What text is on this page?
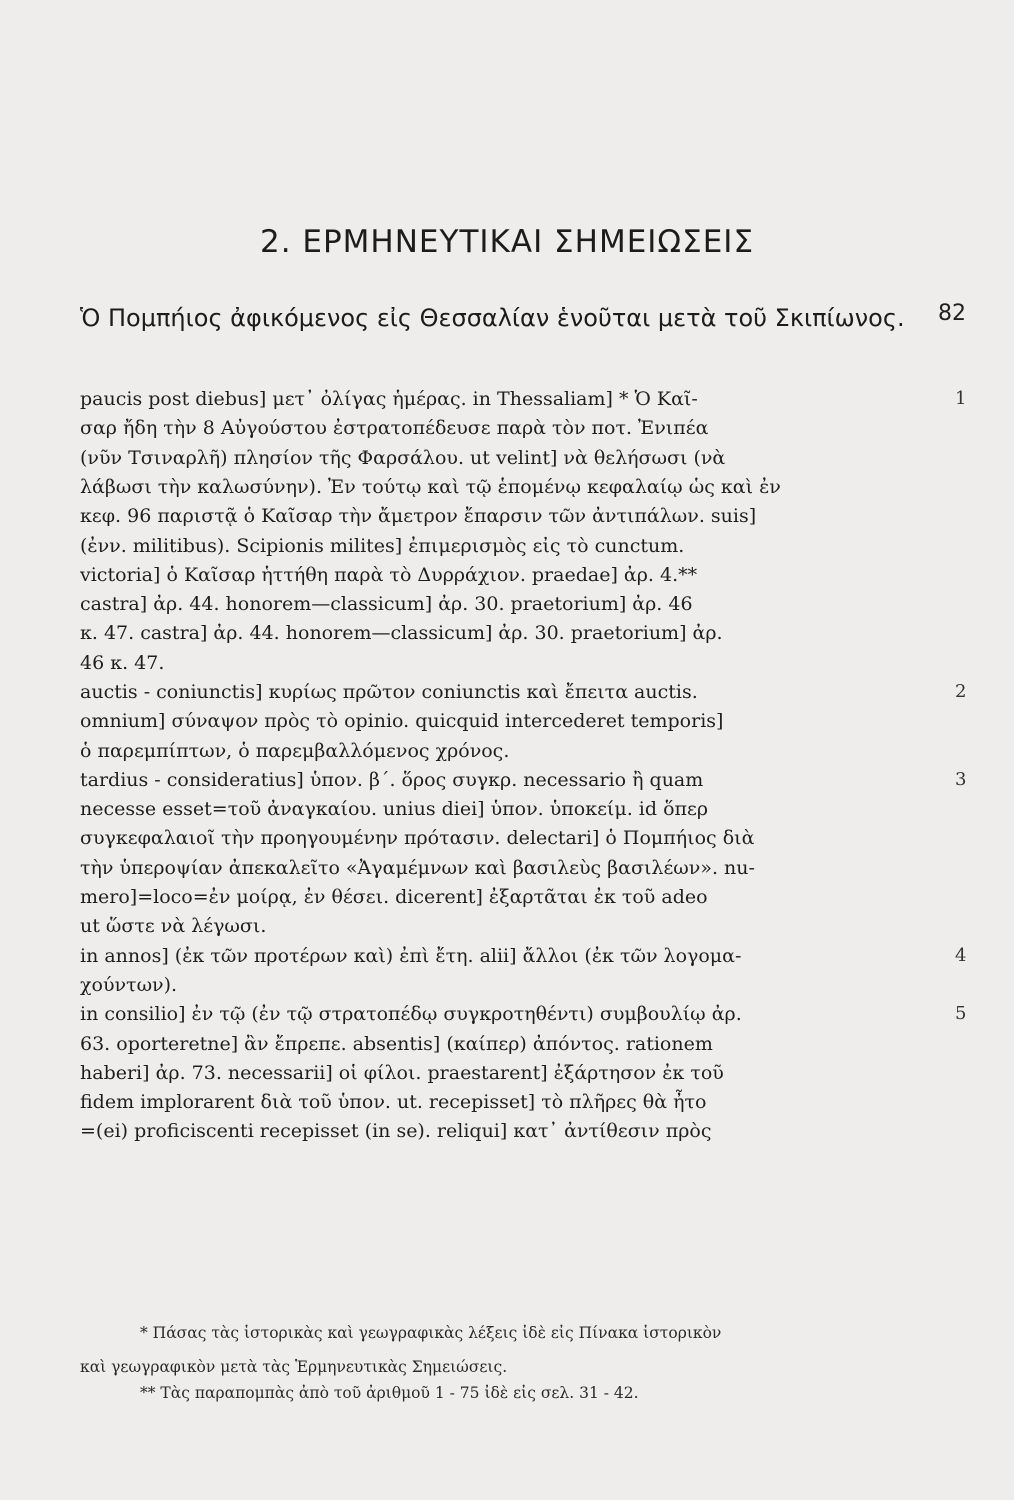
2. ΕΡΜΗΝΕΥΤΙΚΑΙ ΣΗΜΕΙΩΣΕΙΣ
Ὁ Πομπήιος ἀφικόμενος εἰς Θεσσαλίαν ἑνοῦται μετὰ τοῦ Σκιπίωνος.	82
paucis post diebus] μετ᾽ ὀλίγας ἡμέρας. in Thessaliam] * Ὁ Καῖ-	1
σαρ ἤδη τὴν 8 Αὐγούστου ἐστρατοπέδευσε παρὰ τὸν ποτ. Ἐνιπέα
(νῦν Τσιναρλῆ) πλησίον τῆς Φαρσάλου. ut velint] νὰ θελήσωσι (νὰ
λάβωσι τὴν καλωσύνην). Ἐν τούτῳ καὶ τῷ ἑπομένῳ κεφαλαίῳ ὡς καὶ ἐν
κεφ. 96 παριστᾷ ὁ Καῖσαρ τὴν ἄμετρον ἔπαρσιν τῶν ἀντιπάλων. suis]
(ἐνν. militibus). Scipionis milites] ἐπιμερισμὸς εἰς τὸ cunctum.
victoria] ὁ Καῖσαρ ἡττήθη παρὰ τὸ Δυρράχιον. praedae] ἀρ. 4.**
castra] ἀρ. 44. honorem—classicum] ἀρ. 30. praetorium] ἀρ. 46
κ. 47. castra] ἀρ. 44. honorem—classicum] ἀρ. 30. praetorium] ἀρ.
46 κ. 47.
auctis - coniunctis] κυρίως πρῶτον coniunctis καὶ ἔπειτα auctis.	2
omnium] σύναψον πρὸς τὸ opinio. quicquid intercederet temporis]
ὁ παρεμπίπτων, ὁ παρεμβαλλόμενος χρόνος.
tardius - consideratius] ὑπον. β΄. ὅρος συγκρ. necessario ἢ quam	3
necesse esset=τοῦ ἀναγκαίου. unius diei] ὑπον. ὑποκείμ. id ὅπερ
συγκεφαλαιοῖ τὴν προηγουμένην πρότασιν. delectari] ὁ Πομπήιος διὰ
τὴν ὑπεροψίαν ἀπεκαλεῖτο «Ἀγαμέμνων καὶ βασιλεὺς βασιλέων». nu-
mero]=loco=ἐν μοίρᾳ, ἐν θέσει. dicerent] ἐξαρτᾶται ἐκ τοῦ adeo
ut ὥστε νὰ λέγωσι.
in annos] (ἐκ τῶν προτέρων καὶ) ἐπὶ ἔτη. alii] ἄλλοι (ἐκ τῶν λογομα-	4
χούντων).
in consilio] ἐν τῷ (ἐν τῷ στρατοπέδῳ συγκροτηθέντι) συμβουλίῳ ἀρ.	5
63. oporteretne] ἂν ἔπρεπε. absentis] (καίπερ) ἀπόντος. rationem
haberi] ἀρ. 73. necessarii] οἱ φίλοι. praestarent] ἐξάρτησον ἐκ τοῦ
fidem implorarent διὰ τοῦ ὑπον. ut. recepisset] τὸ πλῆρες θὰ ἦτο
=(ei) proficiscenti recepisset (in se). reliqui] κατ᾽ ἀντίθεσιν πρὸς
* Πάσας τὰς ἱστορικὰς καὶ γεωγραφικὰς λέξεις ἰδὲ εἰς Πίνακα ἱστορικὸν
καὶ γεωγραφικὸν μετὰ τὰς Ἑρμηνευτικὰς Σημειώσεις.
** Τὰς παραπομπὰς ἀπὸ τοῦ ἀριθμοῦ 1 - 75 ἰδὲ εἰς σελ. 31 - 42.
